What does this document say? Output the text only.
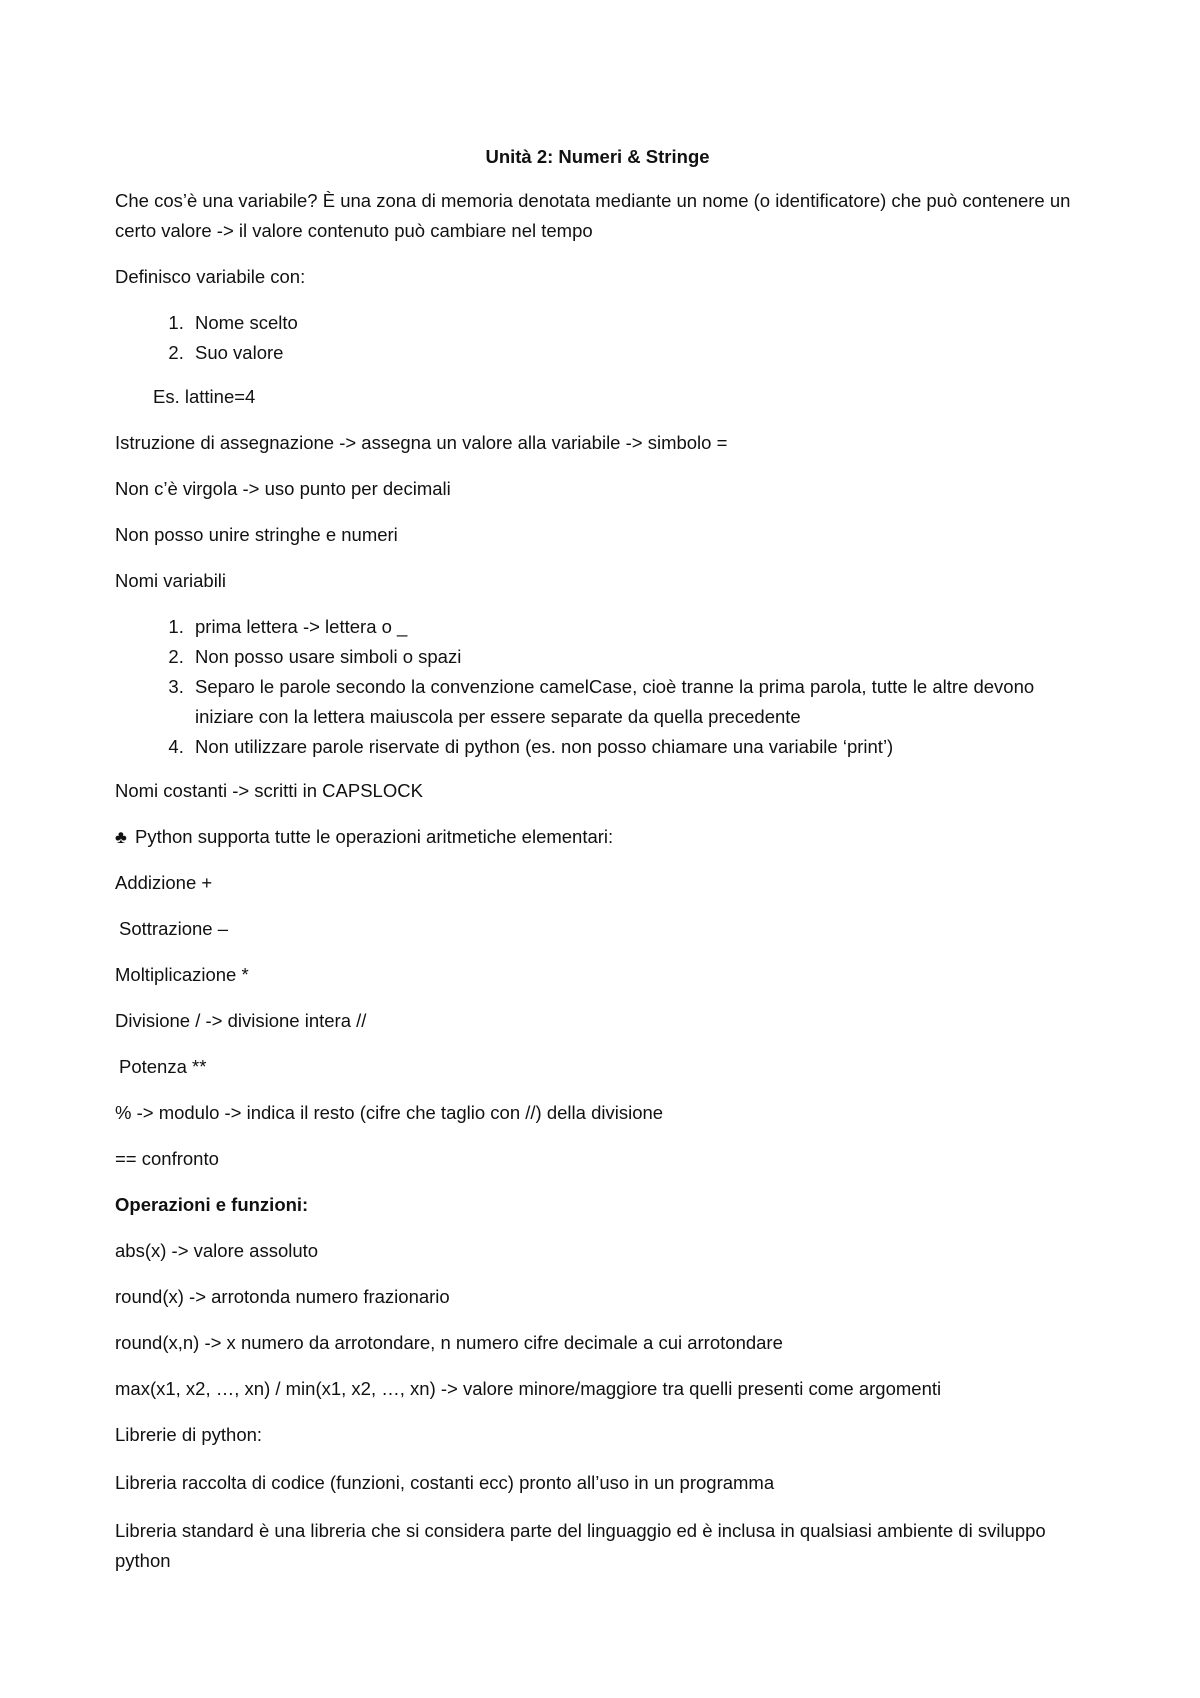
Unità 2: Numeri & Stringe

Che cos’è una variabile? È una zona di memoria denotata mediante un nome (o identificatore) che può contenere un certo valore -> il valore contenuto può cambiare nel tempo

Definisco variabile con:

1. Nome scelto
2. Suo valore

Es. lattine=4

Istruzione di assegnazione -> assegna un valore alla variabile -> simbolo =

Non c’è virgola -> uso punto per decimali

Non posso unire stringhe e numeri

Nomi variabili

1. prima lettera -> lettera o _
2. Non posso usare simboli o spazi
3. Separo le parole secondo la convenzione camelCase, cioè tranne la prima parola, tutte le altre devono iniziare con la lettera maiuscola per essere separate da quella precedente
4. Non utilizzare parole riservate di python (es. non posso chiamare una variabile ‘print’)

Nomi costanti -> scritti in CAPSLOCK

♣ Python supporta tutte le operazioni aritmetiche elementari:

Addizione +

Sottrazione –

Moltiplicazione *

Divisione / -> divisione intera //

Potenza **

% -> modulo -> indica il resto (cifre che taglio con //) della divisione

== confronto

Operazioni e funzioni:

abs(x) -> valore assoluto

round(x) -> arrotonda numero frazionario

round(x,n) -> x numero da arrotondare, n numero cifre decimale a cui arrotondare

max(x1, x2, …, xn) / min(x1, x2, …, xn) -> valore minore/maggiore tra quelli presenti come argomenti

Librerie di python:

Libreria raccolta di codice (funzioni, costanti ecc) pronto all’uso in un programma

Libreria standard è una libreria che si considera parte del linguaggio ed è inclusa in qualsiasi ambiente di sviluppo python
